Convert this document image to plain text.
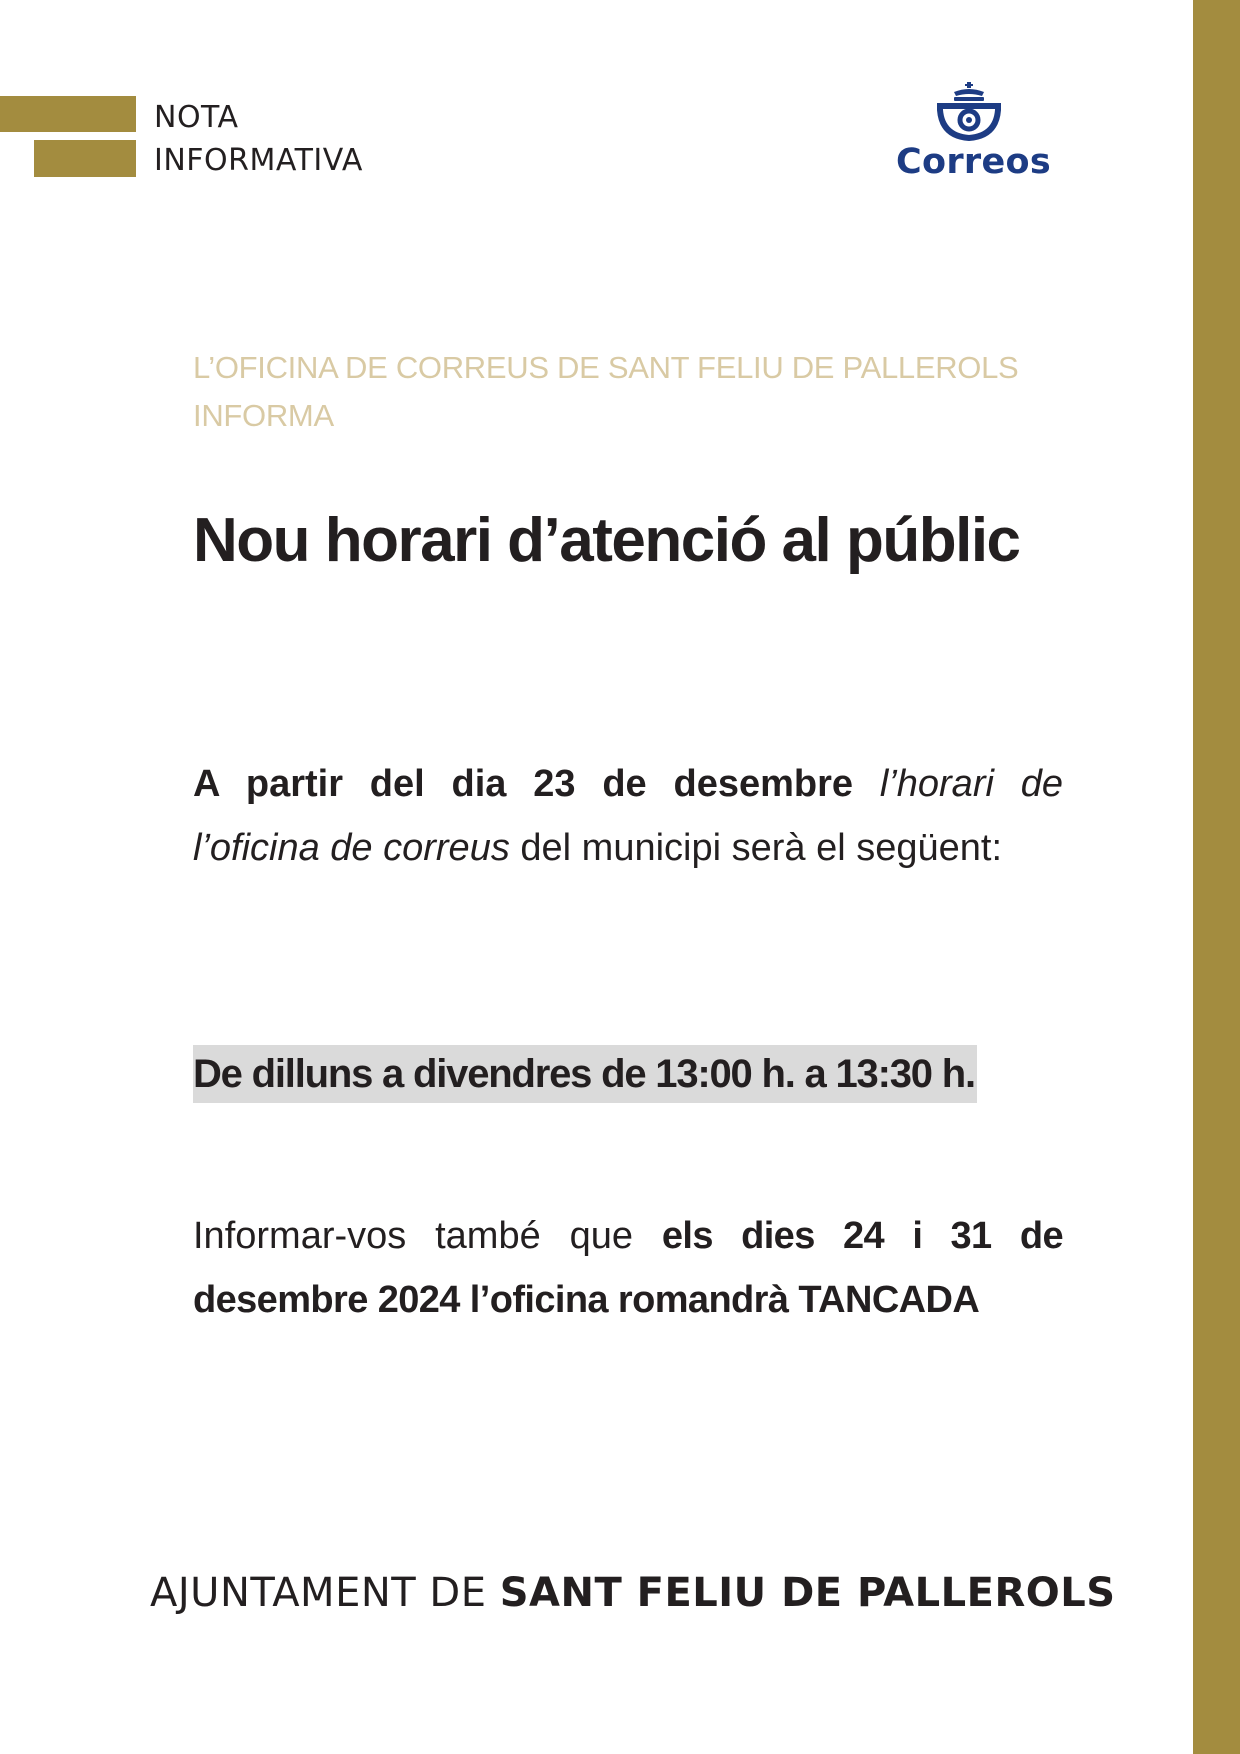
NOTA
INFORMATIVA	Correos
L’OFICINA DE CORREUS DE SANT FELIU DE PALLEROLS
INFORMA
Nou horari d’atenció al públic
A partir del dia 23 de desembre l’horari de l’oficina de correus del municipi serà el següent:
De dilluns a divendres de 13:00 h. a 13:30 h.
Informar-vos també que els dies 24 i 31 de desembre 2024 l’oficina romandrà TANCADA
AJUNTAMENT DE SANT FELIU DE PALLEROLS
